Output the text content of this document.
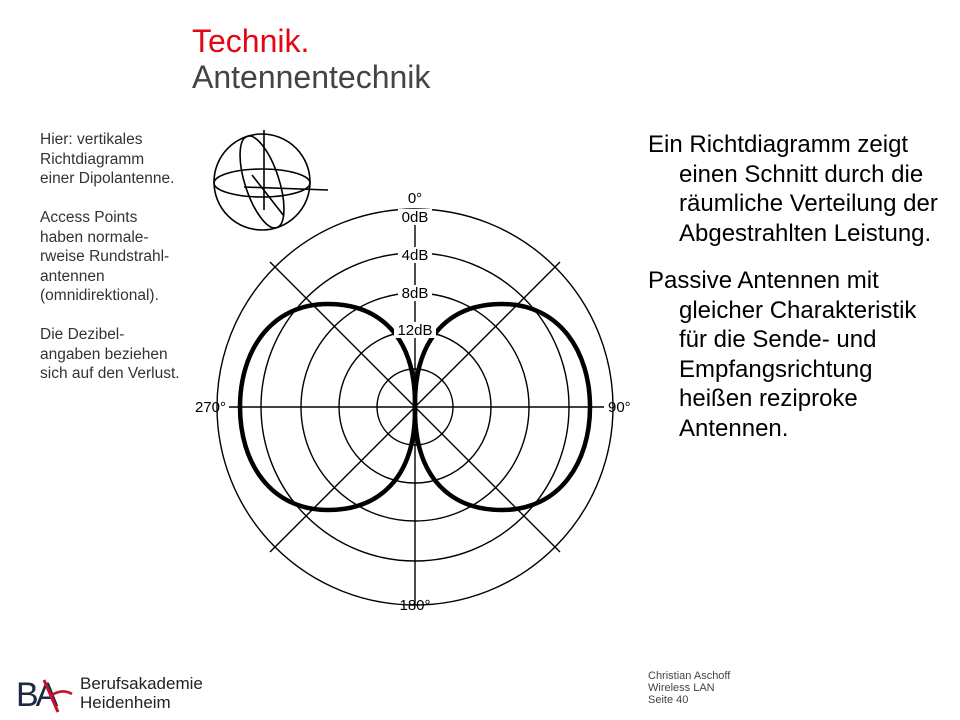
Technik.
Antennentechnik

Hier: vertikales Richtdiagramm einer Dipolantenne.

Access Points haben normale-rweise Rundstrahl-antennen (omnidirektional).

Die Dezibel-angaben beziehen sich auf den Verlust.

0°
0dB
4dB
8dB
12dB
90°
180°
270°

Ein Richtdiagramm zeigt einen Schnitt durch die räumliche Verteilung der Abgestrahlten Leistung.

Passive Antennen mit gleicher Charakteristik für die Sende- und Empfangsrichtung heißen reziproke Antennen.

BA Berufsakademie
Heidenheim
Christian Aschoff
Wireless LAN
Seite 40
